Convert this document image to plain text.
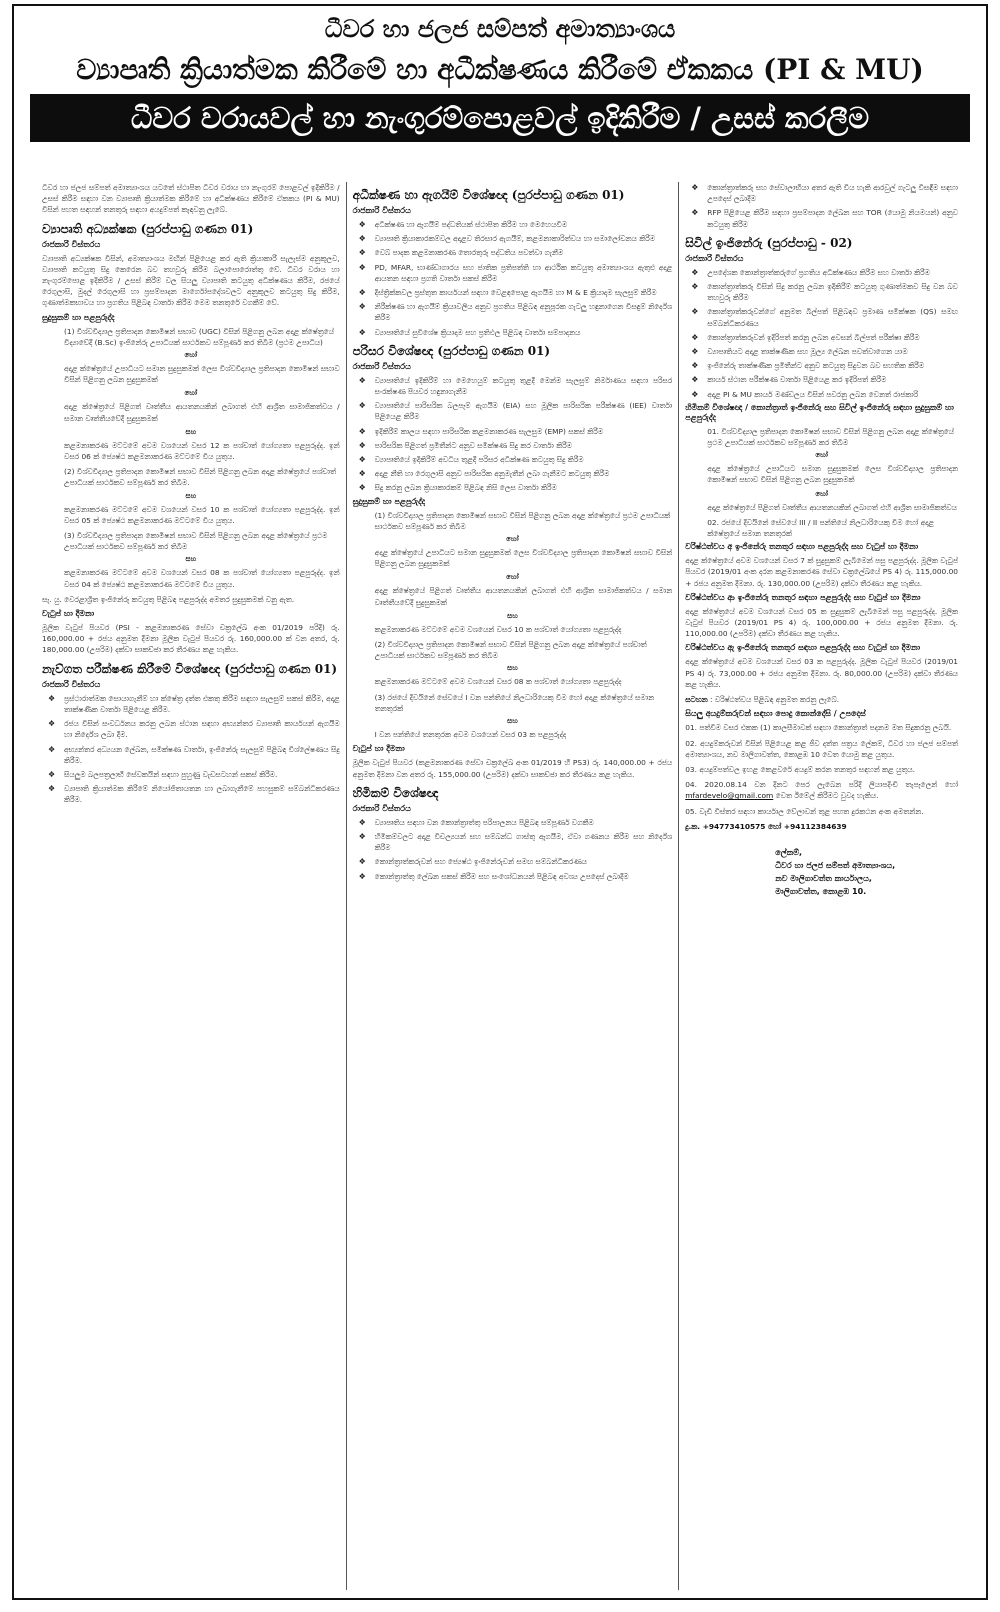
ධීවර හා ජලජ සම්පත් අමාත්‍යාංශය
ව්‍යාපෘති ක්‍රියාත්මක කිරීමේ හා අධීක්ෂණය කිරීමේ ඒකකය (PI & MU)
ධීවර වරායවල් හා නැංගුරම්පොළවල් ඉදිකිරීම / උසස් කරලීම
ධීවර හා ජලජ සම්පත් අමාත්‍යාංශය යටතේ ස්ථාපිත ධීවර වරාය හා නැංගුරම් පොළවල් ඉදිකිරීම / උසස් කිරීම සඳහා වන ව්‍යාපෘති ක්‍රියාත්මක කිරීමේ හා අධීක්ෂණය කිරීමේ ඒකකය (PI & MU) විසින් පහත සඳහන් තනතුරු සඳහා අයදුම්පත් කැඳවනු ලැබේ.
ව්‍යාපෘති අධ්‍යක්ෂක (පුරප්පාඩු ගණන 01)
රාජකාරි විස්තරය
ව්‍යාපෘති අධ්‍යක්ෂක විසින්, අමාත්‍යාංශය මඟින් පිළියෙළ කර ඇති ක්‍රියාකාරී සැලැස්ම අනුකූලව, ව්‍යාපෘති කටයුතු සිදු කෙරෙන බව තහවුරු කිරීම බලාපොරොත්තු වේ. ධීවර වරාය හා නැංගුරම්පොළ ඉදිකිරීම / උසස් කිරීම් වල සියලු ව්‍යාපෘති කටයුතු අධීක්ෂණය කිරීම, රජයේ රෙගුලාසි, මුදල් රෙගුලාසි හා ප්‍රසම්පාදන මාර්ගෝපදේශවලට අනුකූලව කටයුතු සිදු කිරීම, ගුණාත්මකභාවය හා ප්‍රගතිය පිළිබඳ වාර්තා කිරීම මෙම තනතුරේ වගකීම් වේ.
සුදුසුකම් හා පළපුරුද්ද
(1) විශ්වවිද්‍යාල ප්‍රතිපාදන කොමිෂන් සභාව (UGC) විසින් පිළිගනු ලබන අදාළ ක්ෂේත්‍රයේ විද්‍යාවේදී (B.Sc) ඉංජිනේරු උපාධියක් සාර්ථකව සම්පූර්ණ කර තිබීම (ප්‍රථම උපාධිය)
හෝ
අදාළ ක්ෂේත්‍රයේ උපාධියට සමාන සුදුසුකමක් ලෙස විශ්වවිද්‍යාල ප්‍රතිපාදන කොමිෂන් සභාව විසින් පිළිගනු ලබන සුදුසුකමක්
හෝ
අදාළ ක්ෂේත්‍රයේ පිළිගත් වෘත්තීය ආයතනයකින් ලබාගත් එහි ආශ්‍රිත සාමාජිකත්වය / සමාන වෘත්තීයවේදී සුදුසුකමක්
සහ
කළමනාකරණ මට්ටමේ අවම වශයෙන් වසර 12 ක පශ්චාත් යෝග්‍යතා පළපුරුද්ද. ඉන් වසර 06 ක් ජ්‍යෙෂ්ඨ කළමනාකරණ මට්ටමේ විය යුතුය.
(2) විශ්වවිද්‍යාල ප්‍රතිපාදන කොමිෂන් සභාව විසින් පිළිගනු ලබන අදාළ ක්ෂේත්‍රයේ පශ්චාත් උපාධියක් සාර්ථකව සම්පූර්ණ කර තිබීම.
සහ
කළමනාකරණ මට්ටමේ අවම වශයෙන් වසර 10 ක පශ්චාත් යෝග්‍යතා පළපුරුද්ද. ඉන් වසර 05 ක් ජ්‍යෙෂ්ඨ කළමනාකරණ මට්ටමේ විය යුතුය.
(3) විශ්වවිද්‍යාල ප්‍රතිපාදන කොමිෂන් සභාව විසින් පිළිගනු ලබන අදාළ ක්ෂේත්‍රයේ ප්‍රථම උපාධියක් සාර්ථකව සම්පූර්ණ කර තිබීම
සහ
කළමනාකරණ මට්ටමේ අවම වශයෙන් වසර 08 ක පශ්චාත් යෝග්‍යතා පළපුරුද්ද. ඉන් වසර 04 ක් ජ්‍යෙෂ්ඨ කළමනාකරණ මට්ටමේ විය යුතුය.
සැ. යු. වෙරළාශ්‍රිත ඉංජිනේරු කටයුතු පිළිබඳ පළපුරුද්ද අමතර සුදුසුකමක් වනු ඇත.
වැටුප් හා දීමනා
මූලික වැටුප් පියවර (PSI - කළමනාකරණ සේවා චක්‍රලේඛ අංක 01/2019 පරිදි) රු. 160,000.00 + රජය අනුමත දීමනා මූලික වැටුප් පියවර රු. 160,000.00 ක් වන අතර, රු. 180,000.00 (උපරිම) දක්වා සාකච්ඡා කර තීරණය කළ හැකිය.
නැව්ගත පරීක්ෂණ කිරීමේ විශේෂඥ (පුරප්පාඩු ගණන 01)
රාජකාරි විස්තරය
❖ ප්‍රස්ථාරාත්මක සොයාගැනීම් හා ක්ෂේත්‍ර දත්ත එකතු කිරීම සඳහා සැලසුම් සකස් කිරීම, අදාළ තාක්ෂණික වාර්තා පිළියෙළ කිරීම.
❖ රජය විසින් සංවර්ධනය කරනු ලබන ස්ථාන සඳහා අභ්‍යන්තර ව්‍යාපෘති කාර්යයන් ඇගයීම හා නිර්දේශ ලබා දීම.
❖ අභ්‍යන්තර අධ්‍යයන ලේඛන, සමීක්ෂණ වාර්තා, ඉංජිනේරු සැලසුම් පිළිබඳ විශ්ලේෂණය සිදු කිරීම.
❖ සියලුම බලපත්‍රලාභී සේවකයින් සඳහා පුහුණු වැඩසටහන් සකස් කිරීම.
❖ ව්‍යාපෘති ක්‍රියාත්මක කිරීමේ නියෝජිතායතන හා ලබාගැනීමේ පහසුකම් සම්බන්ධීකරණය කිරීම.
අධීක්ෂණ හා ඇගයීම් විශේෂඥ (පුරප්පාඩු ගණන 01)
රාජකාරි විස්තරය
❖ අධීක්ෂණ හා ඇගයීම් පද්ධතියක් ස්ථාපිත කිරීම හා මෙහෙයවීම
❖ ව්‍යාපෘති ක්‍රියාකාරකම්වල අදාළව තිරසාර ඇගයීම්, කළමනාකාරිත්වය හා සමාලෝචනය කිරීම
❖ වෙබ් පාදක කළමනාකරණ තොරතුරු පද්ධතිය පවත්වා ගැනීම
❖ PD, MFAR, භාණ්ඩාගාරය සහ ජාතික ප්‍රතිපත්ති හා ආර්ථික කටයුතු අමාත්‍යාංශය ඇතුළු අදාළ ආයතන සඳහා ප්‍රගති වාර්තා සකස් කිරීම
❖ දිස්ත්‍රික්කවල ප්‍රස්තුත කාර්යයන් සඳහා වෙළඳපොළ ඇගයීම හා M & E ක්‍රියාදාම සැලසුම් කිරීම
❖ නිරීක්ෂණ හා ඇගයීම් ක්‍රියාවලිය අනුව ප්‍රගතිය පිළිබඳ අනුපූරක ගැටලු හඳුනාගෙන විසඳුම් නිර්දේශ කිරීම
❖ ව්‍යාපෘතියේ සුවිශේෂ ක්‍රියාදාම සහ ප්‍රතිඵල පිළිබඳ වාර්තා සම්පාදනය
පරිසර විශේෂඥ (පුරප්පාඩු ගණන 01)
රාජකාරි විස්තරය
❖ ව්‍යාපෘතියේ ඉදිකිරීම් හා මෙහෙයුම් කටයුතු තුළදී මෙන්ම සැලසුම් නිර්මාණය සඳහා පරිසර සංරක්ෂණ පියවර හඳුනාගැනීම
❖ ව්‍යාපෘතියේ පාරිසරික බලපෑම් ඇගයීම (EIA) සහ මූලික පාරිසරික පරීක්ෂණ (IEE) වාර්තා පිළියෙළ කිරීම
❖ ඉදිකිරීම් කාලය සඳහා පාරිසරික කළමනාකරණ සැලසුම (EMP) සකස් කිරීම
❖ පාරිසරික පිළිගත් ප්‍රමිතීන්ට අනුව සමීක්ෂණ සිදු කර වාර්තා කිරීම
❖ ව්‍යාපෘතියේ ඉදිකිරීම් අවධිය තුළදී පරිසර අධීක්ෂණ කටයුතු සිදු කිරීම
❖ අදාළ නීති හා රෙගුලාසි අනුව පාරිසරික අනුමැතීන් ලබා ගැනීමට කටයුතු කිරීම
❖ සිදු කරනු ලබන ක්‍රියාකාරකම් පිළිබඳ නිසි ලෙස වාර්තා කිරීම
සුදුසුකම් හා පළපුරුද්ද
(1) විශ්වවිද්‍යාල ප්‍රතිපාදන කොමිෂන් සභාව විසින් පිළිගනු ලබන අදාළ ක්ෂේත්‍රයේ ප්‍රථම උපාධියක් සාර්ථකව සම්පූර්ණ කර තිබීම
හෝ
අදාළ ක්ෂේත්‍රයේ උපාධියට සමාන සුදුසුකමක් ලෙස විශ්වවිද්‍යාල ප්‍රතිපාදන කොමිෂන් සභාව විසින් පිළිගනු ලබන සුදුසුකමක්
හෝ
අදාළ ක්ෂේත්‍රයේ පිළිගත් වෘත්තීය ආයතනයකින් ලබාගත් එහි ආශ්‍රිත සාමාජිකත්වය / සමාන වෘත්තීයවේදී සුදුසුකමක්
සහ
කළමනාකරණ මට්ටමේ අවම වශයෙන් වසර 10 ක පශ්චාත් යෝග්‍යතා පළපුරුද්ද
(2) විශ්වවිද්‍යාල ප්‍රතිපාදන කොමිෂන් සභාව විසින් පිළිගනු ලබන අදාළ ක්ෂේත්‍රයේ පශ්චාත් උපාධියක් සාර්ථකව සම්පූර්ණ කර තිබීම
සහ
කළමනාකරණ මට්ටමේ අවම වශයෙන් වසර 08 ක පශ්චාත් යෝග්‍යතා පළපුරුද්ද
(3) රජයේ දිවයිනේ සේවයේ I වන පන්තියේ නිලධාරියෙකු වීම හෝ අදාළ ක්ෂේත්‍රයේ සමාන තනතුරක්
සහ
I වන පන්තියේ තනතුරක අවම වශයෙන් වසර 03 ක පළපුරුද්ද
වැටුප් හා දීමනා
මූලික වැටුප් පියවර (කළමනාකරණ සේවා චක්‍රලේඛ අංක 01/2019 හි PS3) රු. 140,000.00 + රජය අනුමත දීමනා වන අතර රු. 155,000.00 (උපරිම) දක්වා සාකච්ඡා කර තීරණය කළ හැකිය.
හිමිකම් විශේෂඥ
රාජකාරි විස්තරය
❖ ව්‍යාපෘතිය සඳහා වන කොන්ත්‍රාත්තු පරිපාලනය පිළිබඳ සම්පූර්ණ වගකීම
❖ හිමිකම්වලට අදාළ විචල්‍යයන් සහ සම්බන්ධ ගාස්තු ඇගයීම, ඒවා ගණනය කිරීම සහ නිර්දේශ කිරීම
❖ කොන්ත්‍රාත්කරුවන් සහ ජ්‍යෙෂ්ඨ ඉංජිනේරුවන් සමඟ සම්බන්ධීකරණය
❖ කොන්ත්‍රාත්තු ලේඛන සකස් කිරීම සහ සංශෝධනයන් පිළිබඳ අවශ්‍ය උපදෙස් ලබාදීම
❖ කොන්ත්‍රාත්කරු සහ සේවාලාභියා අතර ඇති විය හැකි ආරවුල් ගැටලු විසඳීම සඳහා උපදෙස් ලබාදීම
❖ RFP පිළියෙළ කිරීම සඳහා ප්‍රසම්පාදන ලේඛන සහ TOR (යොමු නියමයන්) අනුව කටයුතු කිරීම
සිවිල් ඉංජිනේරු (පුරප්පාඩු - 02)
රාජකාරි විස්තරය
❖ උපදේශක කොන්ත්‍රාත්කරුගේ ප්‍රගතිය අධීක්ෂණය කිරීම සහ වාර්තා කිරීම
❖ කොන්ත්‍රාත්කරු විසින් සිදු කරනු ලබන ඉදිකිරීම් කටයුතු ගුණාත්මකව සිදු වන බව තහවුරු කිරීම
❖ කොන්ත්‍රාත්කරුවන්ගේ අනුමත බිල්පත් පිළිබඳව ප්‍රමාණ සමීක්ෂක (QS) සමඟ සම්බන්ධීකරණය
❖ කොන්ත්‍රාත්කරුවන් ඉදිරිපත් කරනු ලබන අවසන් බිල්පත් පරීක්ෂා කිරීම
❖ ව්‍යාපෘතියට අදාළ තාක්ෂණික සහ මූල්‍ය ලේඛන පවත්වාගෙන යාම
❖ ඉංජිනේරු තාක්ෂණික ප්‍රමිතීන්ට අනුව කටයුතු සිදුවන බව සහතික කිරීම
❖ කාර්ය ස්ථාන පරීක්ෂණ වාර්තා පිළියෙළ කර ඉදිරිපත් කිරීම
❖ අදාළ PI & MU කාර්ය මණ්ඩලය විසින් පවරනු ලබන වෙනත් රාජකාරි
හිමිකම් විශේෂඥ / කොන්ත්‍රාත් ඉංජිනේරු සහ සිවිල් ඉංජිනේරු සඳහා සුදුසුකම් හා පළපුරුද්ද
01. විශ්වවිද්‍යාල ප්‍රතිපාදන කොමිෂන් සභාව විසින් පිළිගනු ලබන අදාළ ක්ෂේත්‍රයේ ප්‍රථම උපාධියක් සාර්ථකව සම්පූර්ණ කර තිබීම
හෝ
අදාළ ක්ෂේත්‍රයේ උපාධියට සමාන සුදුසුකමක් ලෙස විශ්වවිද්‍යාල ප්‍රතිපාදන කොමිෂන් සභාව විසින් පිළිගනු ලබන සුදුසුකමක්
හෝ
අදාළ ක්ෂේත්‍රයේ පිළිගත් වෘත්තීය ආයතනයකින් ලබාගත් එහි ආශ්‍රිත සාමාජිකත්වය
02. රජයේ දිවයිනේ සේවයේ III / II පන්තියේ නිලධාරියෙකු වීම හෝ අදාළ ක්ෂේත්‍රයේ සමාන තනතුරක්
වරිෂ්ඨත්වය අ ඉංජිනේරු තනතුර සඳහා පළපුරුද්ද සහ වැටුප් හා දීමනා
අදාළ ක්ෂේත්‍රයේ අවම වශයෙන් වසර 7 ක් සුදුසුකම් ලැබීමෙන් පසු පළපුරුද්ද. මූලික වැටුප් පියවර (2019/01 අංක දරන කළමනාකරණ සේවා චක්‍රලේඛයේ PS 4) රු. 115,000.00 + රජය අනුමත දීමනා. රු. 130,000.00 (උපරිම) දක්වා තීරණය කළ හැකිය.
වරිෂ්ඨත්වය ආ ඉංජිනේරු තනතුර සඳහා පළපුරුද්ද සහ වැටුප් හා දීමනා
අදාළ ක්ෂේත්‍රයේ අවම වශයෙන් වසර 05 ක සුදුසුකම් ලැබීමෙන් පසු පළපුරුද්ද. මූලික වැටුප් පියවර (2019/01 PS 4) රු. 100,000.00 + රජය අනුමත දීමනා. රු. 110,000.00 (උපරිම) දක්වා තීරණය කළ හැකිය.
වරිෂ්ඨත්වය ඇ ඉංජිනේරු තනතුර සඳහා පළපුරුද්ද සහ වැටුප් හා දීමනා
අදාළ ක්ෂේත්‍රයේ අවම වශයෙන් වසර 03 ක පළපුරුද්ද. මූලික වැටුප් පියවර (2019/01 PS 4) රු. 73,000.00 + රජය අනුමත දීමනා. රු. 80,000.00 (උපරිම) දක්වා තීරණය කළ හැකිය.
සටහන : වරිෂ්ඨත්වය පිළිබඳ අනුමත කරනු ලැබේ.
සියලු අයදුම්කරුවන් සඳහා පොදු කොන්දේසි / උපදෙස්
01. පත්වීම වසර එකක (1) කාලසීමාවක් සඳහා කොන්ත්‍රාත් පදනම මත සිදුකරනු ලබයි.
02. අයදුම්කරුවන් විසින් පිළියෙළ කළ ජීව දත්ත පත්‍රය ලේකම්, ධීවර හා ජලජ සම්පත් අමාත්‍යාංශය, නව මාලිගාවත්ත, කොළඹ 10 වෙත යොමු කළ යුතුය.
03. අයදුම්පත්වල ඉහළ කෙළවරේ අයදුම් කරන තනතුර සඳහන් කළ යුතුය.
04. 2020.08.14 වන දිනට පෙර ලැබෙන පරිදි ලියාපදිංචි තැපෑලෙන් හෝ mfardevelo@gmail.com වෙත ඊමේල් කිරීමට වුවද හැකිය.
05. වැඩි විස්තර සඳහා කාර්යාල වේලාවන් තුළ පහත දුරකථන අංක අමතන්න.
දු.ක. +94773410575 හෝ +94112384639
ලේකම්,
ධීවර හා ජලජ සම්පත් අමාත්‍යාංශය,
නව මාලිගාවත්ත කාර්යාලය,
මාලිගාවත්ත, කොළඹ 10.
